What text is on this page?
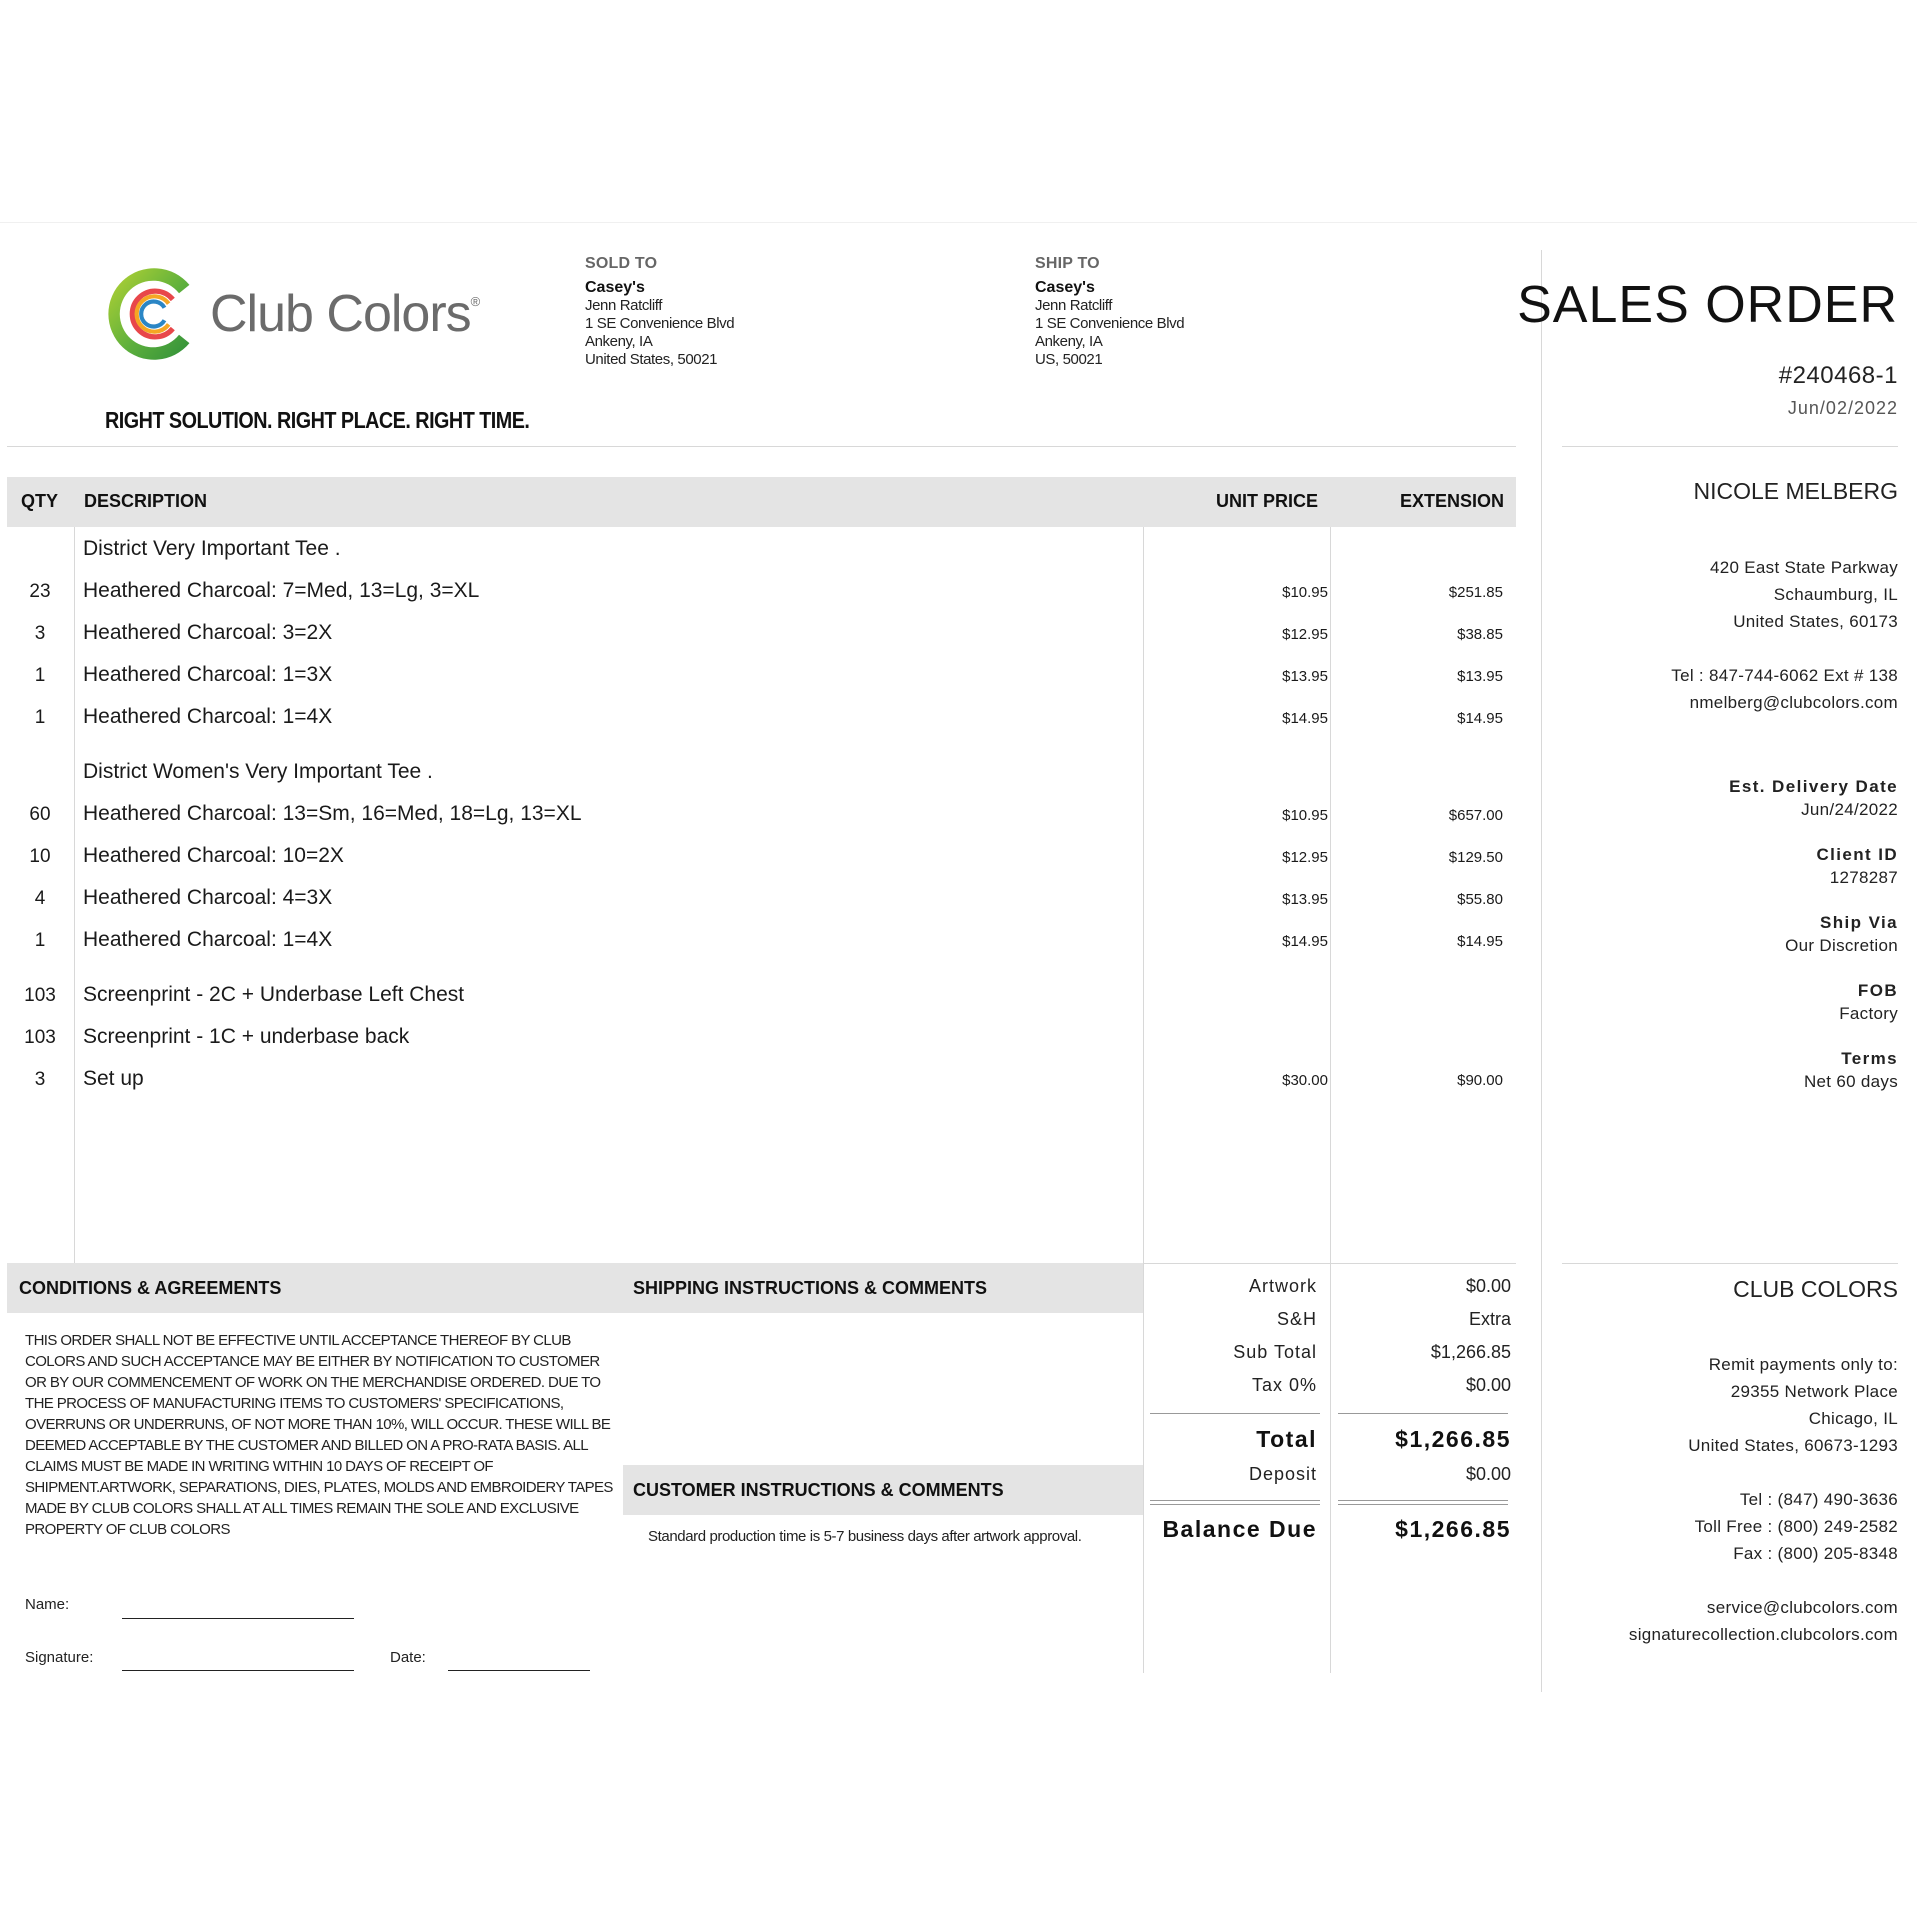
Club Colors®
RIGHT SOLUTION. RIGHT PLACE. RIGHT TIME.
SOLD TO
Casey's
Jenn Ratcliff
1 SE Convenience Blvd
Ankeny, IA
United States, 50021
SHIP TO
Casey's
Jenn Ratcliff
1 SE Convenience Blvd
Ankeny, IA
US, 50021
QTY DESCRIPTION	UNIT PRICE	EXTENSION
District Very Important Tee .
23	Heathered Charcoal: 7=Med, 13=Lg, 3=XL	$10.95	$251.85
3	Heathered Charcoal: 3=2X	$12.95	$38.85
1	Heathered Charcoal: 1=3X	$13.95	$13.95
1	Heathered Charcoal: 1=4X	$14.95	$14.95
District Women's Very Important Tee .
60	Heathered Charcoal: 13=Sm, 16=Med, 18=Lg, 13=XL	$10.95	$657.00
10	Heathered Charcoal: 10=2X	$12.95	$129.50
4	Heathered Charcoal: 4=3X	$13.95	$55.80
1	Heathered Charcoal: 1=4X	$14.95	$14.95
103	Screenprint - 2C + Underbase Left Chest
103	Screenprint - 1C + underbase back
3	Set up	$30.00	$90.00
CONDITIONS & AGREEMENTS	SHIPPING INSTRUCTIONS & COMMENTS
THIS ORDER SHALL NOT BE EFFECTIVE UNTIL ACCEPTANCE THEREOF BY CLUB COLORS AND SUCH ACCEPTANCE MAY BE EITHER BY NOTIFICATION TO CUSTOMER OR BY OUR COMMENCEMENT OF WORK ON THE MERCHANDISE ORDERED. DUE TO THE PROCESS OF MANUFACTURING ITEMS TO CUSTOMERS' SPECIFICATIONS, OVERRUNS OR UNDERRUNS, OF NOT MORE THAN 10%, WILL OCCUR. THESE WILL BE DEEMED ACCEPTABLE BY THE CUSTOMER AND BILLED ON A PRO-RATA BASIS. ALL CLAIMS MUST BE MADE IN WRITING WITHIN 10 DAYS OF RECEIPT OF SHIPMENT.ARTWORK, SEPARATIONS, DIES, PLATES, MOLDS AND EMBROIDERY TAPES MADE BY CLUB COLORS SHALL AT ALL TIMES REMAIN THE SOLE AND EXCLUSIVE PROPERTY OF CLUB COLORS
CUSTOMER INSTRUCTIONS & COMMENTS
Standard production time is 5-7 business days after artwork approval.
Name:
Signature:	Date:
Artwork	$0.00
S&H	Extra
Sub Total	$1,266.85
Tax 0%	$0.00
Total	$1,266.85
Deposit	$0.00
Balance Due	$1,266.85
SALES ORDER
#240468-1
Jun/02/2022
NICOLE MELBERG
420 East State Parkway
Schaumburg, IL
United States, 60173
Tel : 847-744-6062 Ext # 138
nmelberg@clubcolors.com
Est. Delivery Date
Jun/24/2022
Client ID
1278287
Ship Via
Our Discretion
FOB
Factory
Terms
Net 60 days
CLUB COLORS
Remit payments only to:
29355 Network Place
Chicago, IL
United States, 60673-1293
Tel : (847) 490-3636
Toll Free : (800) 249-2582
Fax : (800) 205-8348
service@clubcolors.com
signaturecollection.clubcolors.com
